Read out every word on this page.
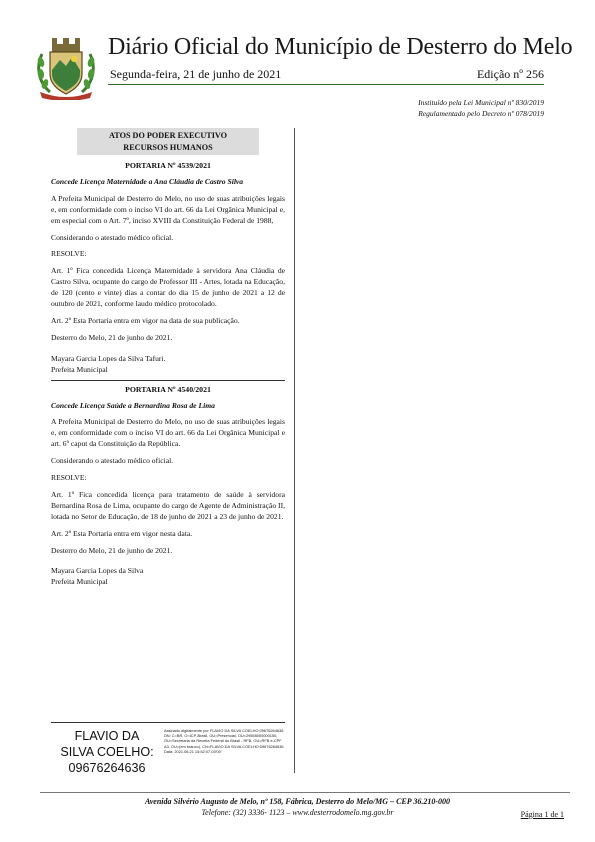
Diário Oficial do Município de Desterro do Melo
Segunda-feira, 21 de junho de 2021	Edição nº 256
Instituído pela Lei Municipal nº 830/2019
Regulamentado pelo Decreto nº 078/2019
ATOS DO PODER EXECUTIVO
RECURSOS HUMANOS
PORTARIA Nº 4539/2021

Concede Licença Maternidade a Ana Cláudia de Castro Silva

A Prefeita Municipal de Desterro do Melo, no uso de suas atribuições legais e, em conformidade com o inciso VI do art. 66 da Lei Orgânica Municipal e, em especial com o Art. 7º, inciso XVIII da Constituição Federal de 1988,

Considerando o atestado médico oficial.

RESOLVE:

Art. 1º Fica concedida Licença Maternidade à servidora Ana Cláudia de Castro Silva, ocupante do cargo de Professor III - Artes, lotada na Educação, de 120 (cento e vinte) dias a contar do dia 15 de junho de 2021 a 12 de outubro de 2021, conforme laudo médico protocolado.

Art. 2º Esta Portaria entra em vigor na data de sua publicação.

Desterro do Melo, 21 de junho de 2021.

Mayara Garcia Lopes da Silva Tafuri.

Prefeita Municipal

PORTARIA Nº 4540/2021

Concede Licença Saúde a Bernardina Rosa de Lima

A Prefeita Municipal de Desterro do Melo, no uso de suas atribuições legais e, em conformidade com o inciso VI do art. 66 da Lei Orgânica Municipal e art. 6º caput da Constituição da República.

Considerando o atestado médico oficial.

RESOLVE:

Art. 1º Fica concedida licença para tratamento de saúde à servidora Bernardina Rosa de Lima, ocupante do cargo de Agente de Administração II, lotada no Setor de Educação, de 18 de junho de 2021 a 23 de junho de 2021.

Art. 2º Esta Portaria entra em vigor nesta data.

Desterro do Melo, 21 de junho de 2021.

Mayara Garcia Lopes da Silva

Prefeita Municipal

FLAVIO DA
SILVA COELHO:
09676264636
Assinado digitalmente por FLAVIO DA SILVA COELHO:09676264636 DN: C=BR, O=ICP-Brasil, OU=Presencial, OU=29558000000150, OU=Secretaria da Receita Federal do Brasil - RFB, OU=RFB e-CPF A3, OU=(em branco), CN=FLAVIO DA SILVA COELHO:09676264636 Data: 2021.06.21 15:52:07-03'00'
Avenida Silvério Augusto de Melo, nº 158, Fábrica, Desterro do Melo/MG – CEP 36.210-000
Telefone: (32) 3336- 1123 – www.desterrodomelo.mg.gov.br	Página 1 de 1
